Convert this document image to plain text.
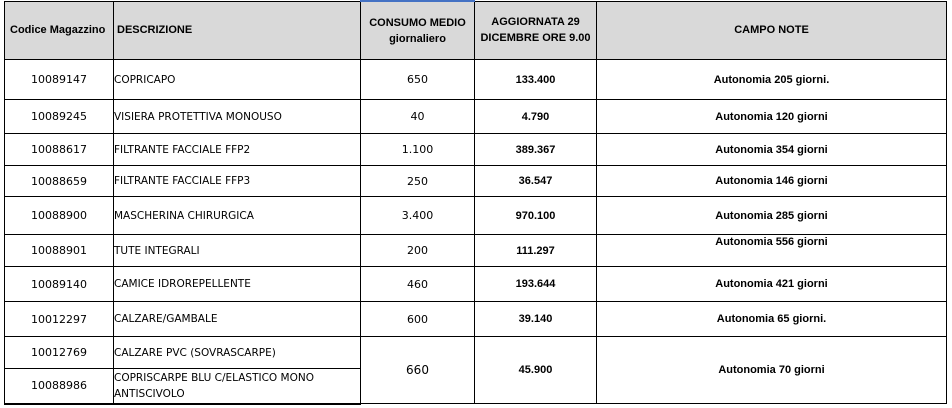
Codice Magazzino	DESCRIZIONE	CONSUMO MEDIO giornaliero	AGGIORNATA 29 DICEMBRE ORE 9.00	CAMPO NOTE
10089147	COPRICAPO	650	133.400	Autonomia 205 giorni.
10089245	VISIERA PROTETTIVA MONOUSO	40	4.790	Autonomia 120 giorni
10088617	FILTRANTE FACCIALE FFP2	1.100	389.367	Autonomia 354 giorni
10088659	FILTRANTE FACCIALE FFP3	250	36.547	Autonomia 146 giorni
10088900	MASCHERINA CHIRURGICA	3.400	970.100	Autonomia 285 giorni
10088901	TUTE INTEGRALI	200	111.297	Autonomia 556 giorni
10089140	CAMICE IDROREPELLENTE	460	193.644	Autonomia 421 giorni
10012297	CALZARE/GAMBALE	600	39.140	Autonomia 65 giorni.
10012769	CALZARE PVC (SOVRASCARPE)	660	45.900	Autonomia 70 giorni
10088986	COPRISCARPE BLU C/ELASTICO MONO ANTISCIVOLO			
